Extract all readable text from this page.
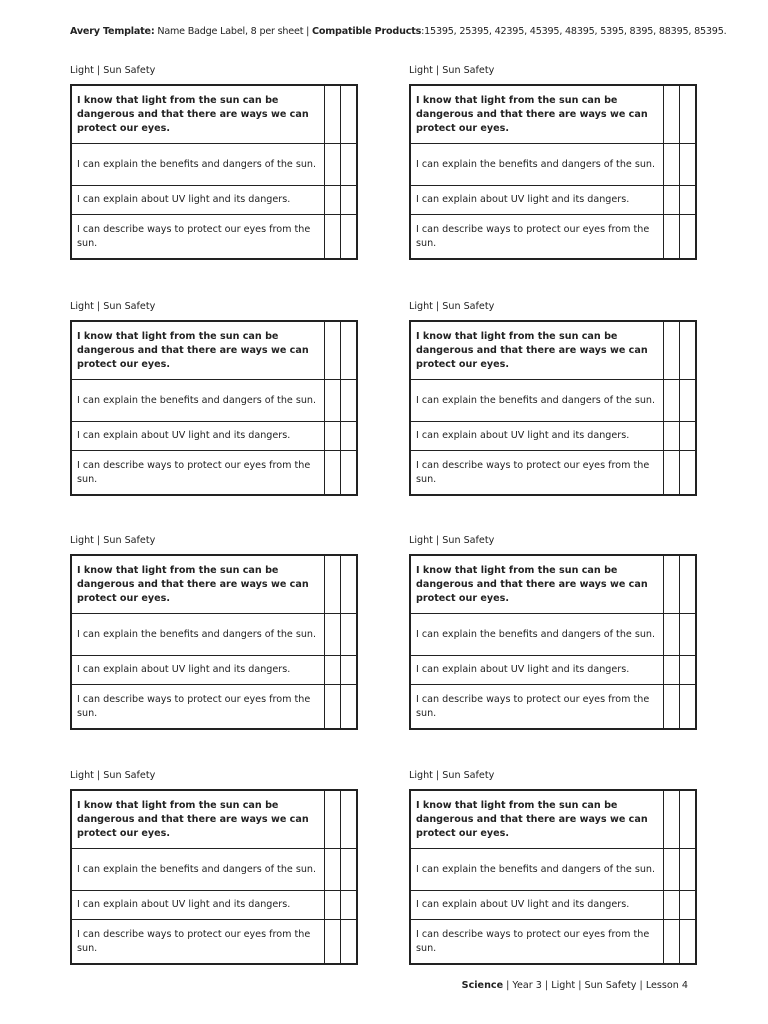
Avery Template: Name Badge Label, 8 per sheet | Compatible Products:15395, 25395, 42395, 45395, 48395, 5395, 8395, 88395, 85395.
Light | Sun Safety
I know that light from the sun can be dangerous and that there are ways we can protect our eyes.		
I can explain the benefits and dangers of the sun.		
I can explain about UV light and its dangers.		
I can describe ways to protect our eyes from the sun.		
Light | Sun Safety
I know that light from the sun can be dangerous and that there are ways we can protect our eyes.		
I can explain the benefits and dangers of the sun.		
I can explain about UV light and its dangers.		
I can describe ways to protect our eyes from the sun.		
Light | Sun Safety
I know that light from the sun can be dangerous and that there are ways we can protect our eyes.		
I can explain the benefits and dangers of the sun.		
I can explain about UV light and its dangers.		
I can describe ways to protect our eyes from the sun.		
Light | Sun Safety
I know that light from the sun can be dangerous and that there are ways we can protect our eyes.		
I can explain the benefits and dangers of the sun.		
I can explain about UV light and its dangers.		
I can describe ways to protect our eyes from the sun.		
Light | Sun Safety
I know that light from the sun can be dangerous and that there are ways we can protect our eyes.		
I can explain the benefits and dangers of the sun.		
I can explain about UV light and its dangers.		
I can describe ways to protect our eyes from the sun.		
Light | Sun Safety
I know that light from the sun can be dangerous and that there are ways we can protect our eyes.		
I can explain the benefits and dangers of the sun.		
I can explain about UV light and its dangers.		
I can describe ways to protect our eyes from the sun.		
Light | Sun Safety
I know that light from the sun can be dangerous and that there are ways we can protect our eyes.		
I can explain the benefits and dangers of the sun.		
I can explain about UV light and its dangers.		
I can describe ways to protect our eyes from the sun.		
Light | Sun Safety
I know that light from the sun can be dangerous and that there are ways we can protect our eyes.		
I can explain the benefits and dangers of the sun.		
I can explain about UV light and its dangers.		
I can describe ways to protect our eyes from the sun.		
Science | Year 3 | Light | Sun Safety | Lesson 4
